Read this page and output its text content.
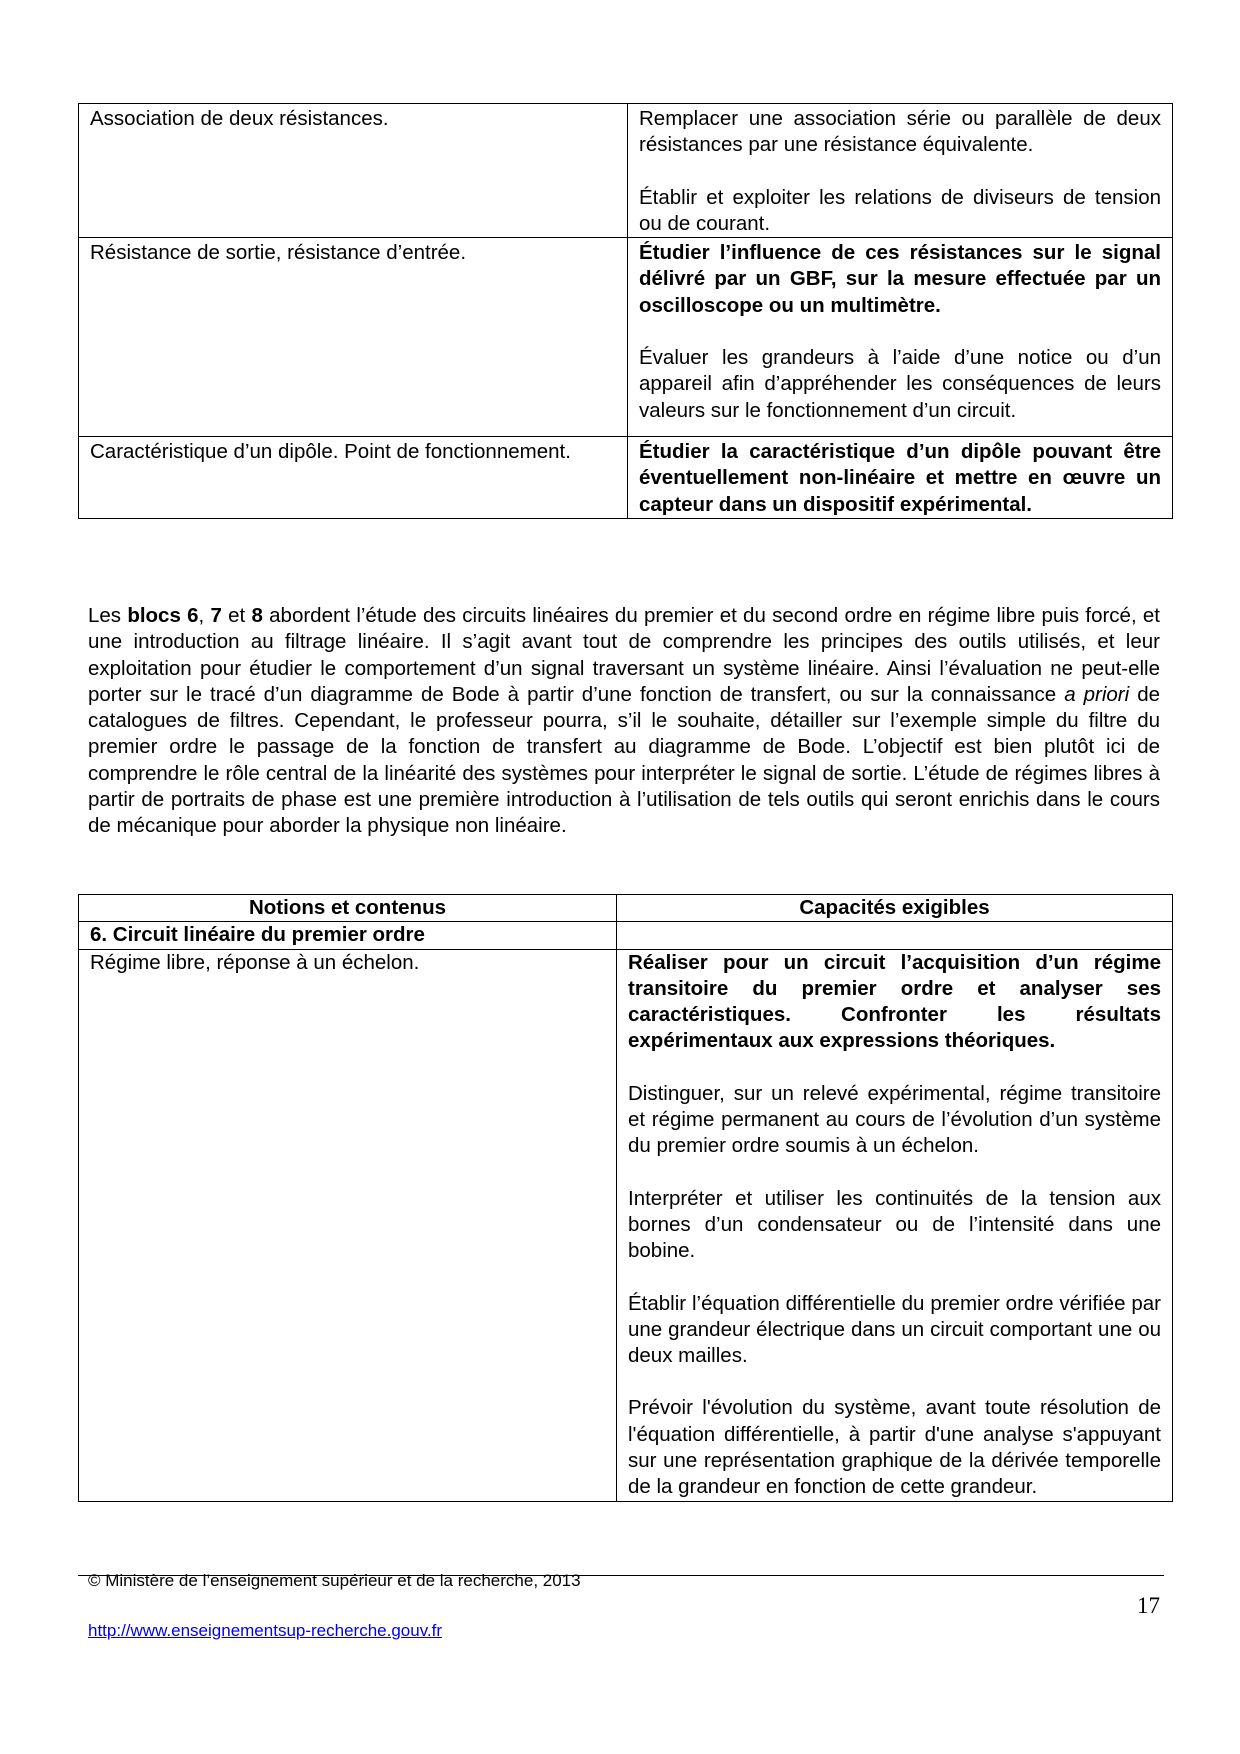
Association de deux résistances.	Remplacer une association série ou parallèle de deux résistances par une résistance équivalente.

Établir et exploiter les relations de diviseurs de tension ou de courant.

Résistance de sortie, résistance d’entrée.	Étudier l’influence de ces résistances sur le signal délivré par un GBF, sur la mesure effectuée par un oscilloscope ou un multimètre.

Évaluer les grandeurs à l’aide d’une notice ou d’un appareil afin d’appréhender les conséquences de leurs valeurs sur le fonctionnement d’un circuit.

Caractéristique d’un dipôle. Point de fonctionnement.	Étudier la caractéristique d’un dipôle pouvant être éventuellement non-linéaire et mettre en œuvre un capteur dans un dispositif expérimental.

Les blocs 6, 7 et 8 abordent l’étude des circuits linéaires du premier et du second ordre en régime libre puis forcé, et une introduction au filtrage linéaire. Il s’agit avant tout de comprendre les principes des outils utilisés, et leur exploitation pour étudier le comportement d’un signal traversant un système linéaire. Ainsi l’évaluation ne peut-elle porter sur le tracé d’un diagramme de Bode à partir d’une fonction de transfert, ou sur la connaissance a priori de catalogues de filtres. Cependant, le professeur pourra, s’il le souhaite, détailler sur l’exemple simple du filtre du premier ordre le passage de la fonction de transfert au diagramme de Bode. L’objectif est bien plutôt ici de comprendre le rôle central de la linéarité des systèmes pour interpréter le signal de sortie. L’étude de régimes libres à partir de portraits de phase est une première introduction à l’utilisation de tels outils qui seront enrichis dans le cours de mécanique pour aborder la physique non linéaire.

Notions et contenus	Capacités exigibles
6. Circuit linéaire du premier ordre	
Régime libre, réponse à un échelon.	Réaliser pour un circuit l’acquisition d’un régime transitoire du premier ordre et analyser ses caractéristiques. Confronter les résultats expérimentaux aux expressions théoriques.

Distinguer, sur un relevé expérimental, régime transitoire et régime permanent au cours de l’évolution d’un système du premier ordre soumis à un échelon.

Interpréter et utiliser les continuités de la tension aux bornes d’un condensateur ou de l’intensité dans une bobine.

Établir l’équation différentielle du premier ordre vérifiée par une grandeur électrique dans un circuit comportant une ou deux mailles.

Prévoir l'évolution du système, avant toute résolution de l'équation différentielle, à partir d'une analyse s'appuyant sur une représentation graphique de la dérivée temporelle de la grandeur en fonction de cette grandeur.

© Ministère de l’enseignement supérieur et de la recherche, 2013
17
http://www.enseignementsup-recherche.gouv.fr
